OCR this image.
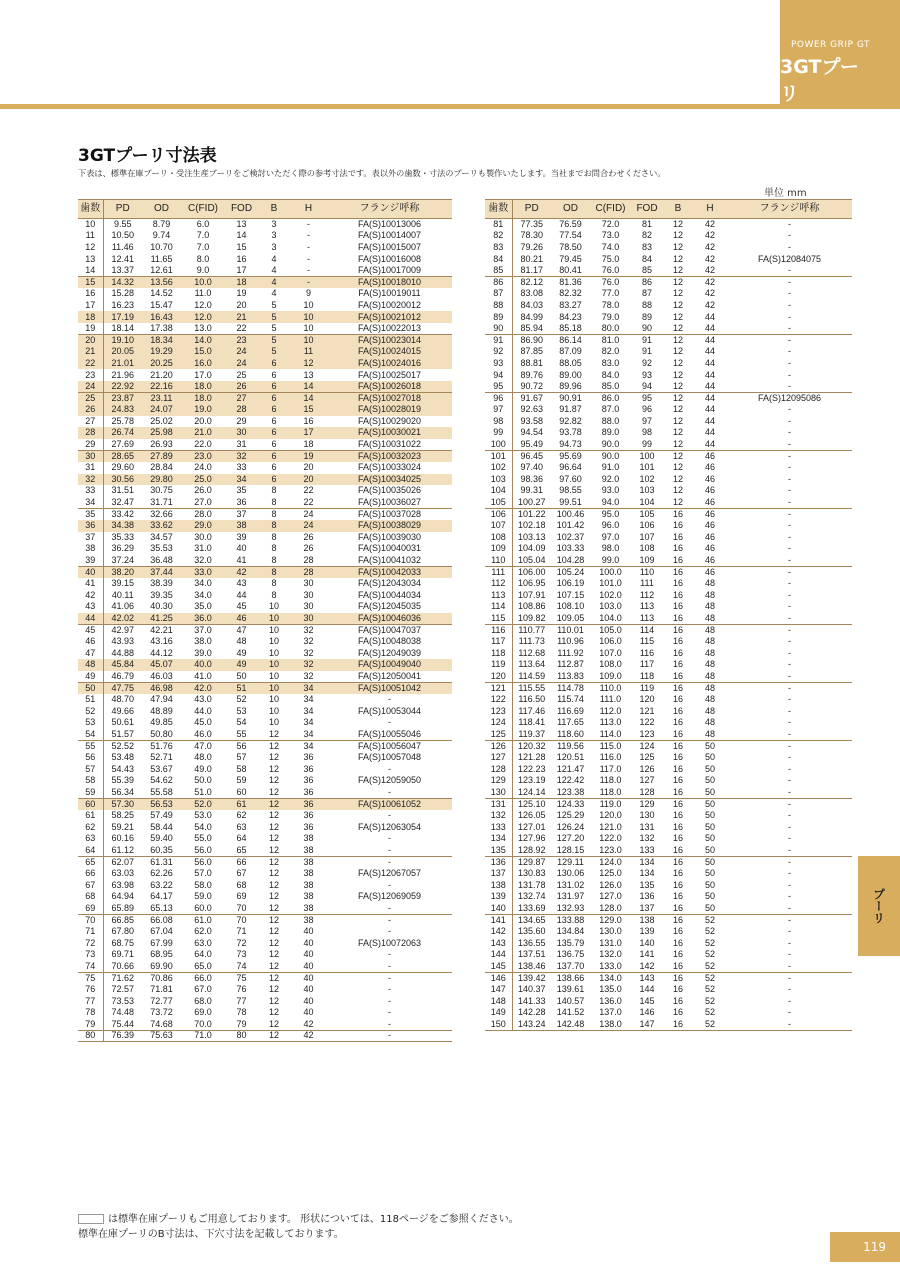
POWER GRIP GT
3GTプーリ
プーリ
3GTプーリ寸法表
下表は、標準在庫プーリ・受注生産プーリをご検討いただく際の参考寸法です。表以外の歯数・寸法のプーリも製作いたします。当社までお問合わせください。
単位 mm
歯数	PD	OD	C(FID)	FOD	B	H	フランジ呼称
10	9.55	8.79	6.0	13	3	-	FA(S)10013006
11	10.50	9.74	7.0	14	3	-	FA(S)10014007
12	11.46	10.70	7.0	15	3	-	FA(S)10015007
13	12.41	11.65	8.0	16	4	-	FA(S)10016008
14	13.37	12.61	9.0	17	4	-	FA(S)10017009
15	14.32	13.56	10.0	18	4	-	FA(S)10018010
16	15.28	14.52	11.0	19	4	9	FA(S)10019011
17	16.23	15.47	12.0	20	5	10	FA(S)10020012
18	17.19	16.43	12.0	21	5	10	FA(S)10021012
19	18.14	17.38	13.0	22	5	10	FA(S)10022013
20	19.10	18.34	14.0	23	5	10	FA(S)10023014
21	20.05	19.29	15.0	24	5	11	FA(S)10024015
22	21.01	20.25	16.0	24	6	12	FA(S)10024016
23	21.96	21.20	17.0	25	6	13	FA(S)10025017
24	22.92	22.16	18.0	26	6	14	FA(S)10026018
25	23.87	23.11	18.0	27	6	14	FA(S)10027018
26	24.83	24.07	19.0	28	6	15	FA(S)10028019
27	25.78	25.02	20.0	29	6	16	FA(S)10029020
28	26.74	25.98	21.0	30	6	17	FA(S)10030021
29	27.69	26.93	22.0	31	6	18	FA(S)10031022
30	28.65	27.89	23.0	32	6	19	FA(S)10032023
31	29.60	28.84	24.0	33	6	20	FA(S)10033024
32	30.56	29.80	25.0	34	6	20	FA(S)10034025
33	31.51	30.75	26.0	35	8	22	FA(S)10035026
34	32.47	31.71	27.0	36	8	22	FA(S)10036027
35	33.42	32.66	28.0	37	8	24	FA(S)10037028
36	34.38	33.62	29.0	38	8	24	FA(S)10038029
37	35.33	34.57	30.0	39	8	26	FA(S)10039030
38	36.29	35.53	31.0	40	8	26	FA(S)10040031
39	37.24	36.48	32.0	41	8	28	FA(S)10041032
40	38.20	37.44	33.0	42	8	28	FA(S)10042033
41	39.15	38.39	34.0	43	8	30	FA(S)12043034
42	40.11	39.35	34.0	44	8	30	FA(S)10044034
43	41.06	40.30	35.0	45	10	30	FA(S)12045035
44	42.02	41.25	36.0	46	10	30	FA(S)10046036
45	42.97	42.21	37.0	47	10	32	FA(S)10047037
46	43.93	43.16	38.0	48	10	32	FA(S)10048038
47	44.88	44.12	39.0	49	10	32	FA(S)12049039
48	45.84	45.07	40.0	49	10	32	FA(S)10049040
49	46.79	46.03	41.0	50	10	32	FA(S)12050041
50	47.75	46.98	42.0	51	10	34	FA(S)10051042
51	48.70	47.94	43.0	52	10	34	-
52	49.66	48.89	44.0	53	10	34	FA(S)10053044
53	50.61	49.85	45.0	54	10	34	-
54	51.57	50.80	46.0	55	12	34	FA(S)10055046
55	52.52	51.76	47.0	56	12	34	FA(S)10056047
56	53.48	52.71	48.0	57	12	36	FA(S)10057048
57	54.43	53.67	49.0	58	12	36	-
58	55.39	54.62	50.0	59	12	36	FA(S)12059050
59	56.34	55.58	51.0	60	12	36	-
60	57.30	56.53	52.0	61	12	36	FA(S)10061052
61	58.25	57.49	53.0	62	12	36	-
62	59.21	58.44	54.0	63	12	36	FA(S)12063054
63	60.16	59.40	55.0	64	12	38	-
64	61.12	60.35	56.0	65	12	38	-
65	62.07	61.31	56.0	66	12	38	-
66	63.03	62.26	57.0	67	12	38	FA(S)12067057
67	63.98	63.22	58.0	68	12	38	-
68	64.94	64.17	59.0	69	12	38	FA(S)12069059
69	65.89	65.13	60.0	70	12	38	-
70	66.85	66.08	61.0	70	12	38	-
71	67.80	67.04	62.0	71	12	40	-
72	68.75	67.99	63.0	72	12	40	FA(S)10072063
73	69.71	68.95	64.0	73	12	40	-
74	70.66	69.90	65.0	74	12	40	-
75	71.62	70.86	66.0	75	12	40	-
76	72.57	71.81	67.0	76	12	40	-
77	73.53	72.77	68.0	77	12	40	-
78	74.48	73.72	69.0	78	12	40	-
79	75.44	74.68	70.0	79	12	42	-
80	76.39	75.63	71.0	80	12	42	-
歯数	PD	OD	C(FID)	FOD	B	H	フランジ呼称
81	77.35	76.59	72.0	81	12	42	-
82	78.30	77.54	73.0	82	12	42	-
83	79.26	78.50	74.0	83	12	42	-
84	80.21	79.45	75.0	84	12	42	FA(S)12084075
85	81.17	80.41	76.0	85	12	42	-
86	82.12	81.36	76.0	86	12	42	-
87	83.08	82.32	77.0	87	12	42	-
88	84.03	83.27	78.0	88	12	42	-
89	84.99	84.23	79.0	89	12	44	-
90	85.94	85.18	80.0	90	12	44	-
91	86.90	86.14	81.0	91	12	44	-
92	87.85	87.09	82.0	91	12	44	-
93	88.81	88.05	83.0	92	12	44	-
94	89.76	89.00	84.0	93	12	44	-
95	90.72	89.96	85.0	94	12	44	-
96	91.67	90.91	86.0	95	12	44	FA(S)12095086
97	92.63	91.87	87.0	96	12	44	-
98	93.58	92.82	88.0	97	12	44	-
99	94.54	93.78	89.0	98	12	44	-
100	95.49	94.73	90.0	99	12	44	-
101	96.45	95.69	90.0	100	12	46	-
102	97.40	96.64	91.0	101	12	46	-
103	98.36	97.60	92.0	102	12	46	-
104	99.31	98.55	93.0	103	12	46	-
105	100.27	99.51	94.0	104	12	46	-
106	101.22	100.46	95.0	105	16	46	-
107	102.18	101.42	96.0	106	16	46	-
108	103.13	102.37	97.0	107	16	46	-
109	104.09	103.33	98.0	108	16	46	-
110	105.04	104.28	99.0	109	16	46	-
111	106.00	105.24	100.0	110	16	46	-
112	106.95	106.19	101.0	111	16	48	-
113	107.91	107.15	102.0	112	16	48	-
114	108.86	108.10	103.0	113	16	48	-
115	109.82	109.05	104.0	113	16	48	-
116	110.77	110.01	105.0	114	16	48	-
117	111.73	110.96	106.0	115	16	48	-
118	112.68	111.92	107.0	116	16	48	-
119	113.64	112.87	108.0	117	16	48	-
120	114.59	113.83	109.0	118	16	48	-
121	115.55	114.78	110.0	119	16	48	-
122	116.50	115.74	111.0	120	16	48	-
123	117.46	116.69	112.0	121	16	48	-
124	118.41	117.65	113.0	122	16	48	-
125	119.37	118.60	114.0	123	16	48	-
126	120.32	119.56	115.0	124	16	50	-
127	121.28	120.51	116.0	125	16	50	-
128	122.23	121.47	117.0	126	16	50	-
129	123.19	122.42	118.0	127	16	50	-
130	124.14	123.38	118.0	128	16	50	-
131	125.10	124.33	119.0	129	16	50	-
132	126.05	125.29	120.0	130	16	50	-
133	127.01	126.24	121.0	131	16	50	-
134	127.96	127.20	122.0	132	16	50	-
135	128.92	128.15	123.0	133	16	50	-
136	129.87	129.11	124.0	134	16	50	-
137	130.83	130.06	125.0	134	16	50	-
138	131.78	131.02	126.0	135	16	50	-
139	132.74	131.97	127.0	136	16	50	-
140	133.69	132.93	128.0	137	16	50	-
141	134.65	133.88	129.0	138	16	52	-
142	135.60	134.84	130.0	139	16	52	-
143	136.55	135.79	131.0	140	16	52	-
144	137.51	136.75	132.0	141	16	52	-
145	138.46	137.70	133.0	142	16	52	-
146	139.42	138.66	134.0	143	16	52	-
147	140.37	139.61	135.0	144	16	52	-
148	141.33	140.57	136.0	145	16	52	-
149	142.28	141.52	137.0	146	16	52	-
150	143.24	142.48	138.0	147	16	52	-
は標準在庫プーリもご用意しております。 形状については、118ページをご参照ください。
標準在庫プーリのB寸法は、下穴寸法を記載しております。
119
